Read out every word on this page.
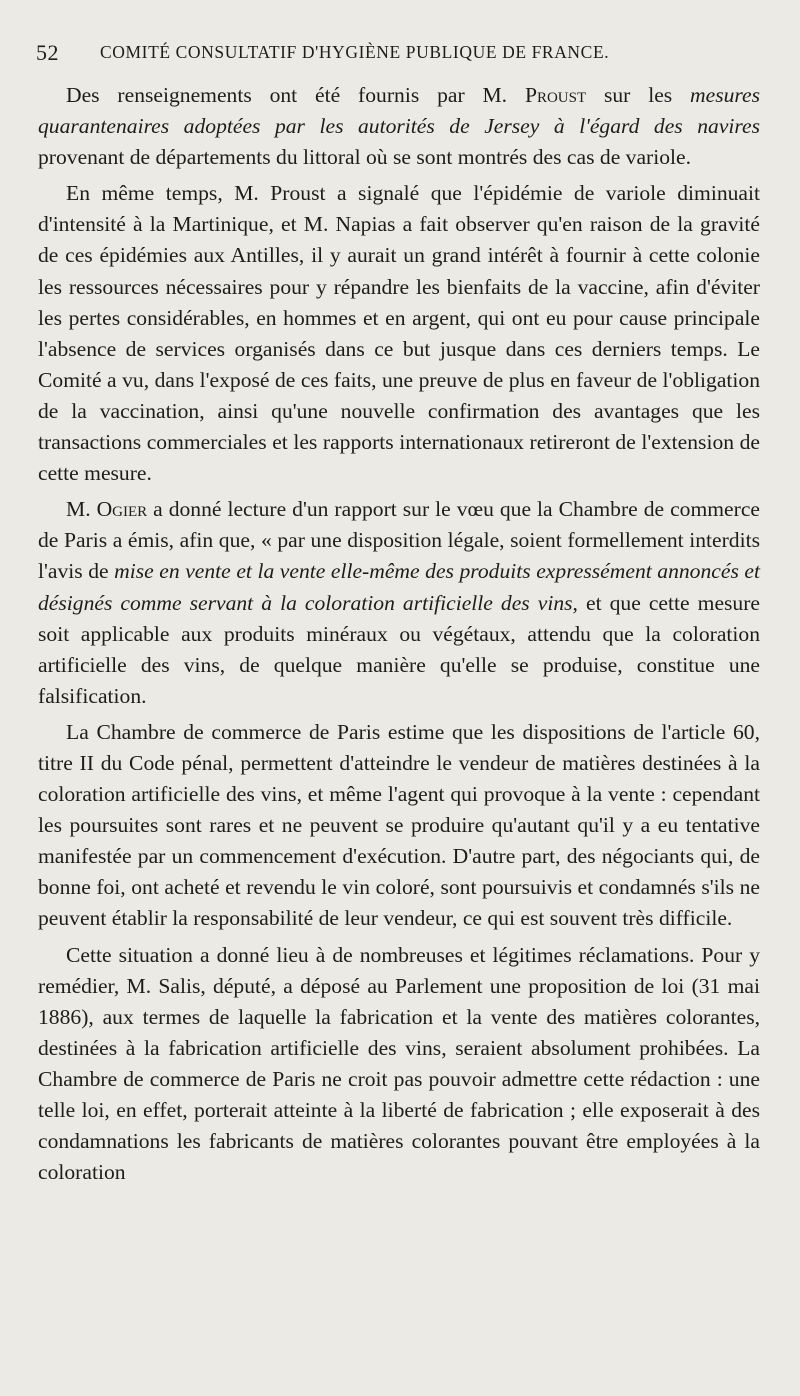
52 COMITÉ CONSULTATIF D'HYGIÈNE PUBLIQUE DE FRANCE.

Des renseignements ont été fournis par M. Proust sur les mesures quarantenaires adoptées par les autorités de Jersey à l'égard des navires provenant de départements du littoral où se sont montrés des cas de variole.

En même temps, M. Proust a signalé que l'épidémie de variole diminuait d'intensité à la Martinique, et M. Napias a fait observer qu'en raison de la gravité de ces épidémies aux Antilles, il y aurait un grand intérêt à fournir à cette colonie les ressources nécessaires pour y répandre les bienfaits de la vaccine, afin d'éviter les pertes considérables, en hommes et en argent, qui ont eu pour cause principale l'absence de services organisés dans ce but jusque dans ces derniers temps. Le Comité a vu, dans l'exposé de ces faits, une preuve de plus en faveur de l'obligation de la vaccination, ainsi qu'une nouvelle confirmation des avantages que les transactions commerciales et les rapports internationaux retireront de l'extension de cette mesure.

M. Ogier a donné lecture d'un rapport sur le vœu que la Chambre de commerce de Paris a émis, afin que, « par une disposition légale, soient formellement interdits l'avis de mise en vente et la vente elle-même des produits expressément annoncés et désignés comme servant à la coloration artificielle des vins, et que cette mesure soit applicable aux produits minéraux ou végétaux, attendu que la coloration artificielle des vins, de quelque manière qu'elle se produise, constitue une falsification.

La Chambre de commerce de Paris estime que les dispositions de l'article 60, titre II du Code pénal, permettent d'atteindre le vendeur de matières destinées à la coloration artificielle des vins, et même l'agent qui provoque à la vente : cependant les poursuites sont rares et ne peuvent se produire qu'autant qu'il y a eu tentative manifestée par un commencement d'exécution. D'autre part, des négociants qui, de bonne foi, ont acheté et revendu le vin coloré, sont poursuivis et condamnés s'ils ne peuvent établir la responsabilité de leur vendeur, ce qui est souvent très difficile.

Cette situation a donné lieu à de nombreuses et légitimes réclamations. Pour y remédier, M. Salis, député, a déposé au Parlement une proposition de loi (31 mai 1886), aux termes de laquelle la fabrication et la vente des matières colorantes, destinées à la fabrication artificielle des vins, seraient absolument prohibées. La Chambre de commerce de Paris ne croit pas pouvoir admettre cette rédaction : une telle loi, en effet, porterait atteinte à la liberté de fabrication ; elle exposerait à des condamnations les fabricants de matières colorantes pouvant être employées à la coloration
